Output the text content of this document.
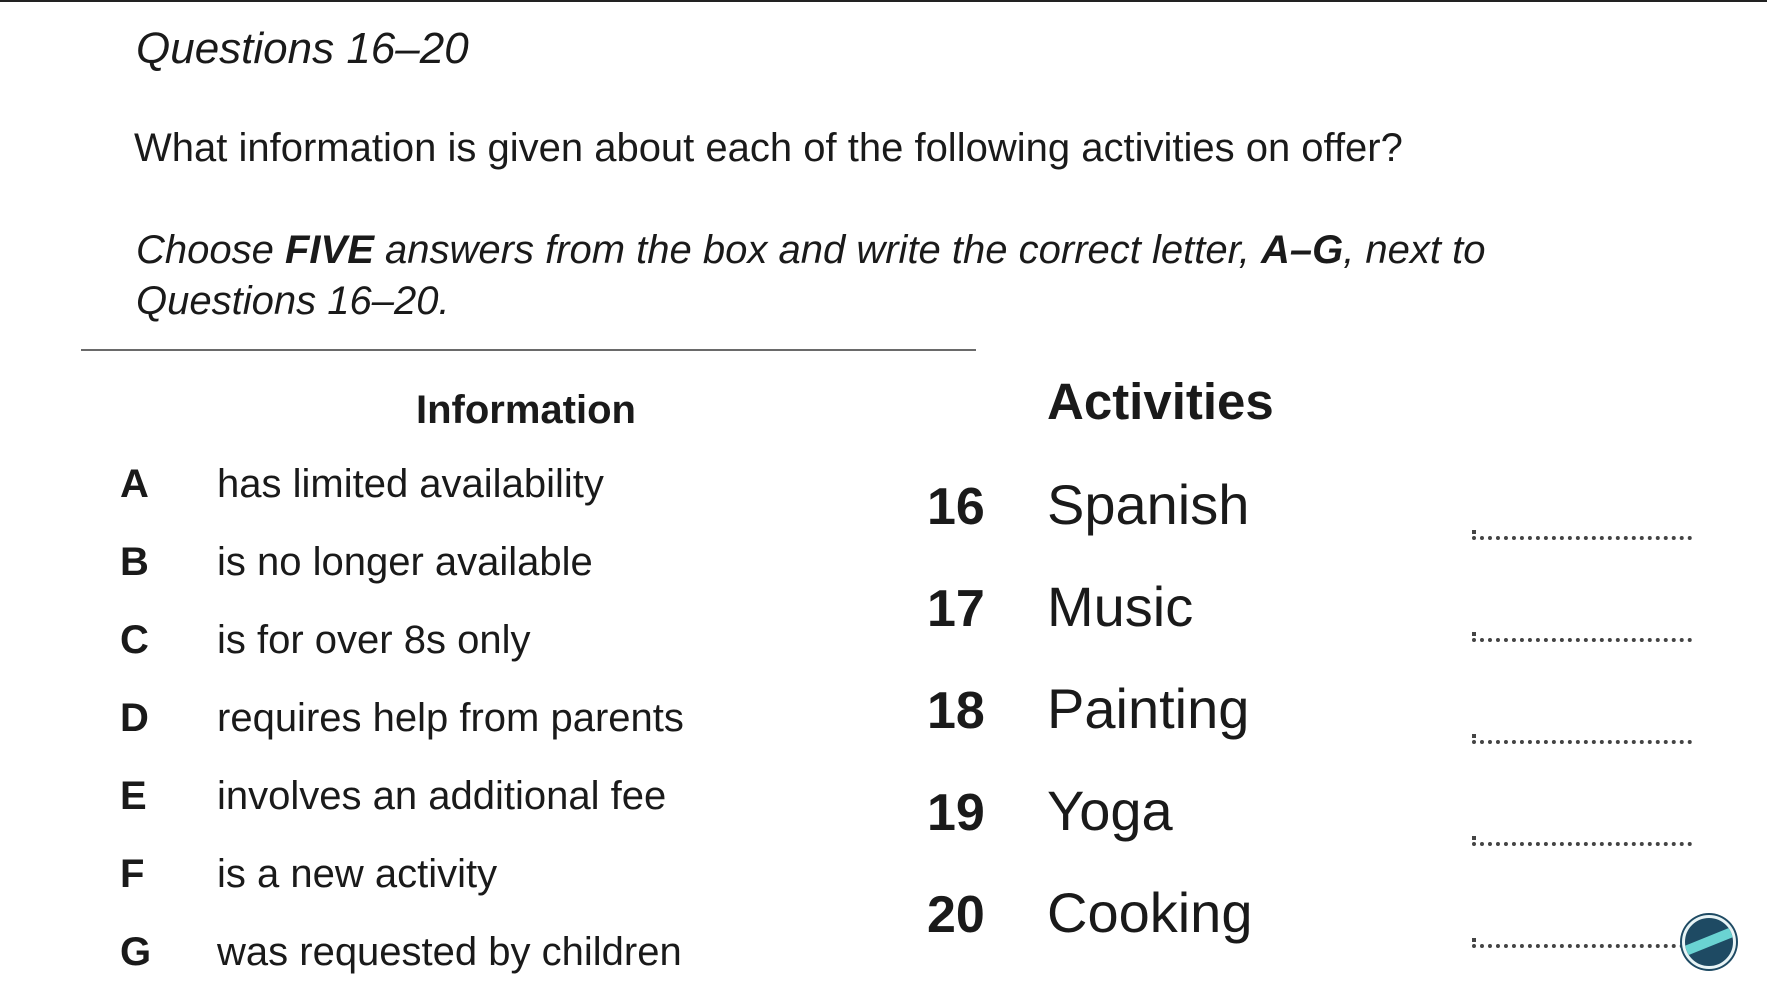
Questions 16–20
What information is given about each of the following activities on offer?
Choose FIVE answers from the box and write the correct letter, A–G, next to Questions 16–20.
Information
A	has limited availability
B	is no longer available
C	is for over 8s only
D	requires help from parents
E	involves an additional fee
F	is a new activity
G	was requested by children
Activities
16	Spanish
17	Music
18	Painting
19	Yoga
20	Cooking
